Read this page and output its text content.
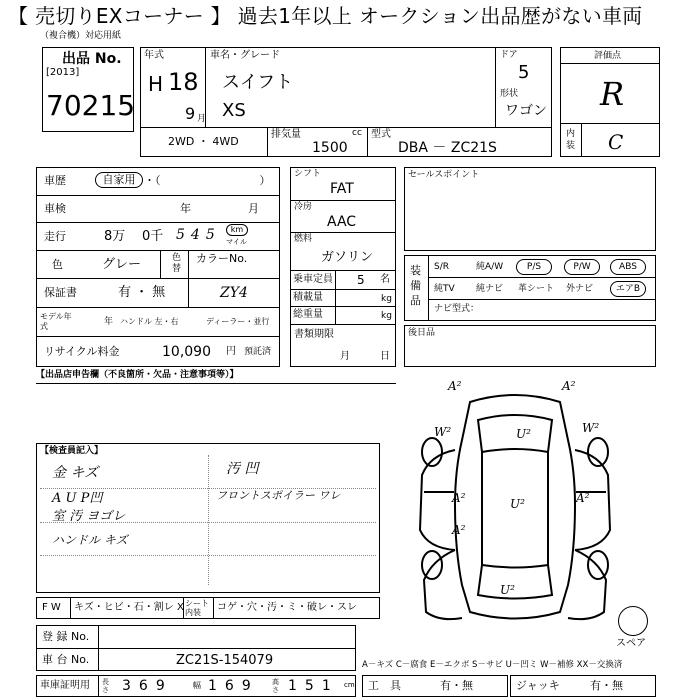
【 売切りEXコーナー 】 過去1年以上 オークション出品歴がない車両
（複合機）対応用紙
出品 No.
[2013]
70215
年式
H 18
9 月
車名・グレード
スイフト
XS
ドア
5
形状
ワゴン
2WD ・ 4WD
排気量	cc
1500
型式
DBA － ZC21S
評価点
R
内装 C
車歴	自家用 ・（　　　　　　　　　）
車検	年	月
走行	8万 0千 545	km
マイル
色	グレー	色替
カラーNo.
ZY4
保証書	有 ・ 無
モデル年式	年 ハンドル 左・右	ディーラー・並行
リサイクル料金	10,090 円 預託済
シフト
FAT
冷房
AAC
燃料
ガソリン
乗車定員 5 名
積載量	kg
総重量	kg
書類期限
月	日
セールスポイント
装備品
S/R	純A/W	P/S	P/W	ABS
純TV 純ナビ 革シート 外ナビ	エアB
ナビ型式：
後日品
【出品店申告欄（不良箇所・欠品・注意事項等）】
【検査員記入】
金 キズ
A U P凹
室 汚 ヨゴレ
ハンドル キズ
汚 凹
フロントスポイラー ワレ
A²	A²
U²
W²	W²
A²	A²
A²
U²
U²
スペア
F W キズ・ヒビ・石・割レ X シート内装	コゲ・穴・汚・ミ・破レ・スレ
登 録 No.
車 台 No.	ZC21S-154079	A－キズ C－腐食 E－エクボ S－サビ U－凹ミ W－補修 XX－交換済
車庫証明用 長さ 369	幅 169 高さ 151 cm 工　具	有・無	ジャッキ	有・無
